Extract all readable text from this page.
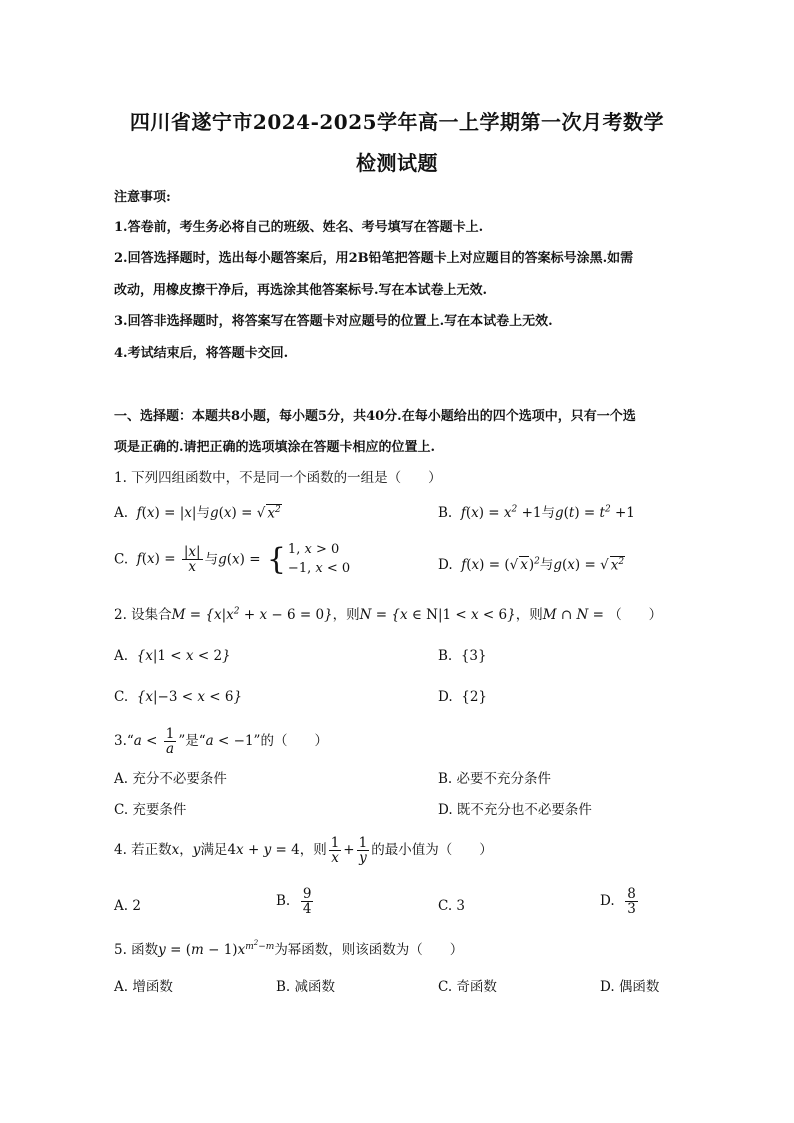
四川省遂宁市2024-2025学年高一上学期第一次月考数学
检测试题
注意事项:
1.答卷前，考生务必将自己的班级、姓名、考号填写在答题卡上.
2.回答选择题时，选出每小题答案后，用2B铅笔把答题卡上对应题目的答案标号涂黑.如需
改动，用橡皮擦干净后，再选涂其他答案标号.写在本试卷上无效.
3.回答非选择题时，将答案写在答题卡对应题号的位置上.写在本试卷上无效.
4.考试结束后，将答题卡交回.
一、选择题：本题共8小题，每小题5分，共40分.在每小题给出的四个选项中，只有一个选
项是正确的.请把正确的选项填涂在答题卡相应的位置上.
1. 下列四组函数中，不是同一个函数的一组是（　　）
A. f(x) = |x|与g(x) = √ $x^2$	B. $f(x) = x^2 +1$与$g(t) = t^2 +1$
C. $f(x) = \frac{|x|}{x}$ 与g(x) = { 1, x > 0
−1, x < 0	D. f(x) = (√ x)$^2$与g(x) = √ $x^2$
2. 设集合$M = \{x|x^2 + x - 6 = 0\}$，则N = {x ∈ N|1 < x < 6}，则M ∩ N = （　　）
A. {x|1 < x < 2}	B. {3}
C. {x|−3 < x < 6}	D. {2}
3.“a < $\frac{1}{a}$ ”是“a < −1”的（　　）
A. 充分不必要条件	B. 必要不充分条件
C. 充要条件	D. 既不充分也不必要条件
4. 若正数x，y满足4x + y = 4，则 $\frac{1}{x} + \frac{1}{y}$ 的最小值为（　　）
A. 2	B. $\frac{9}{4}$	C. 3	D. $\frac{8}{3}$
5. 函数$y = (m - 1)x^{m^2-m}$为幂函数，则该函数为（　　）
A. 增函数	B. 减函数	C. 奇函数	D. 偶函数
